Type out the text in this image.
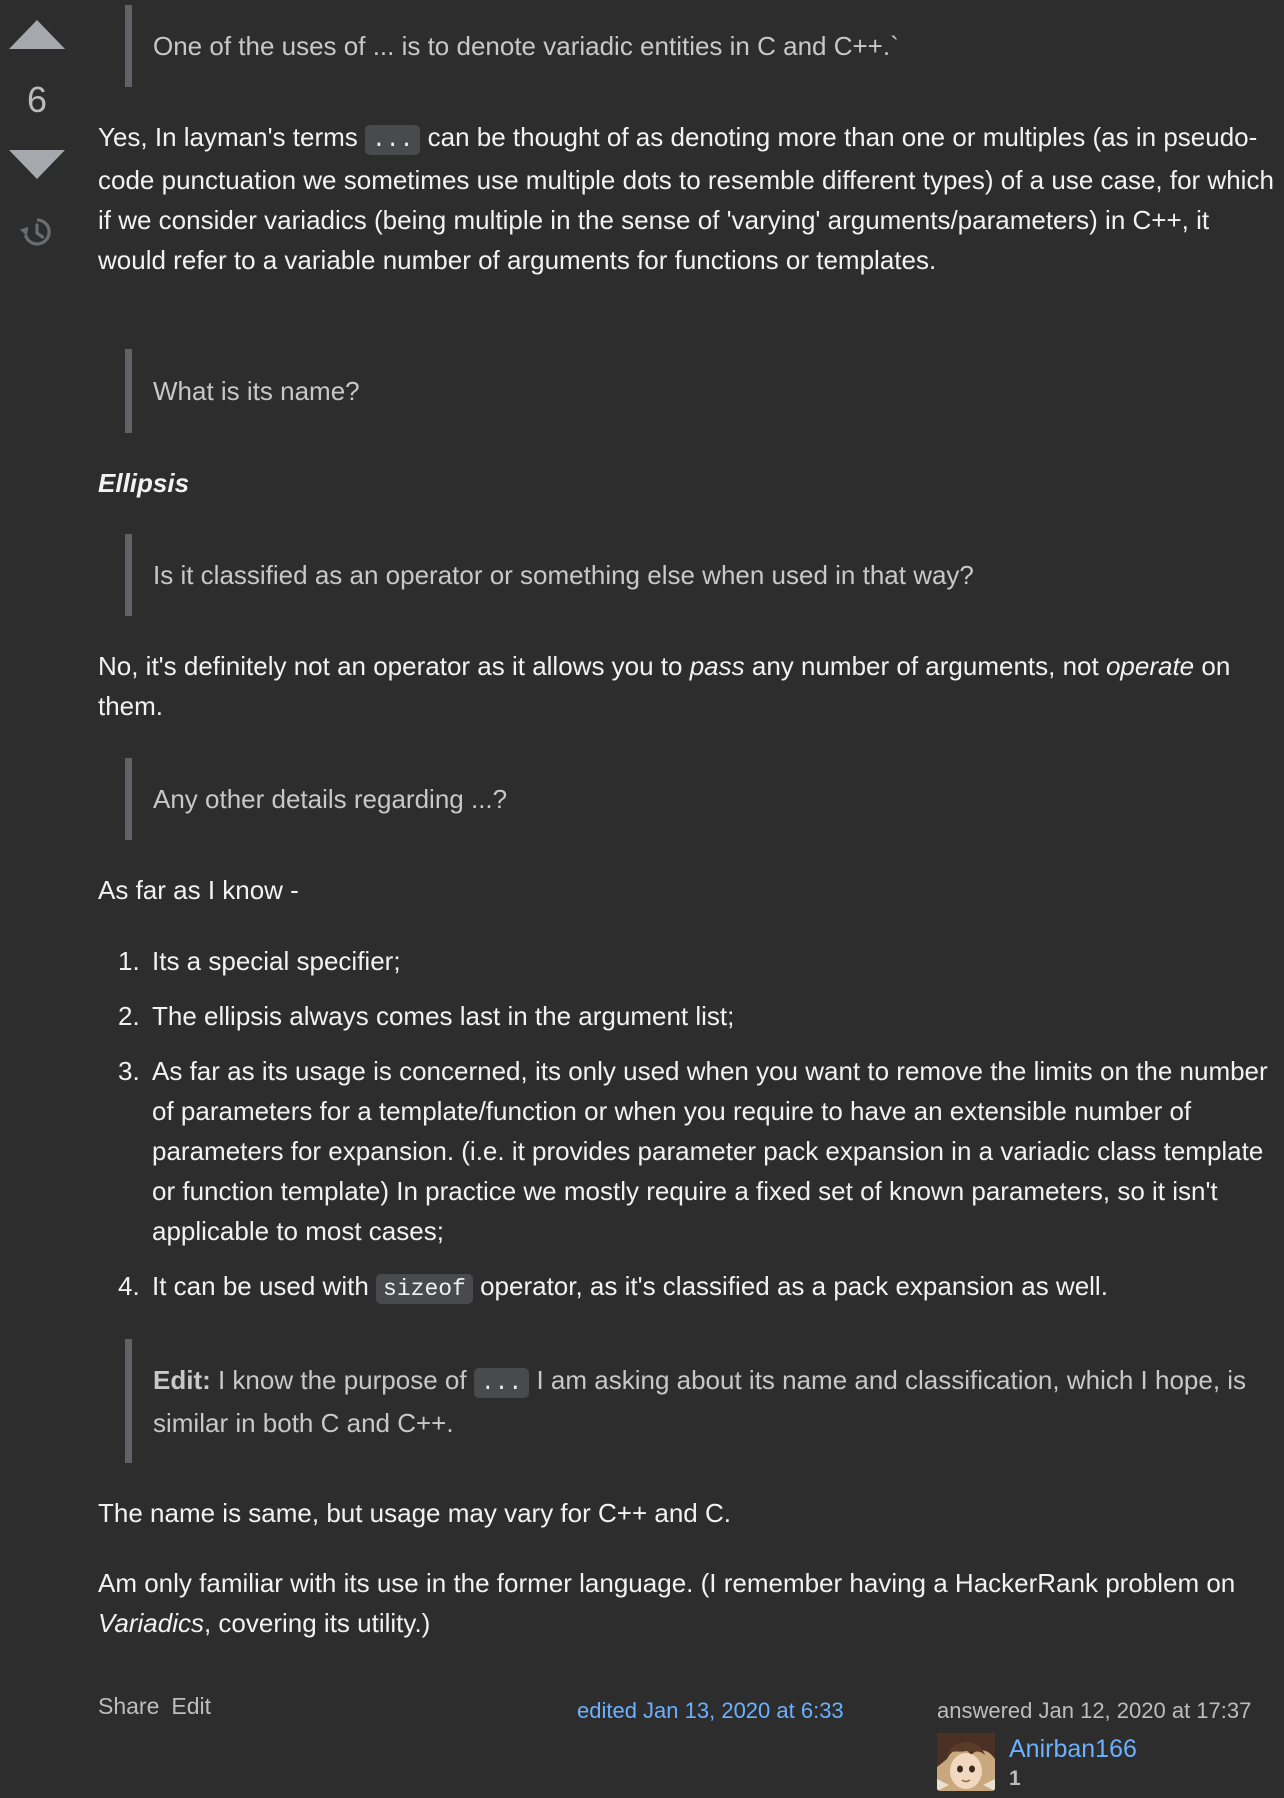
6
One of the uses of ... is to denote variadic entities in C and C++.`

Yes, In layman's terms ... can be thought of as denoting more than one or multiples (as in pseudo-code punctuation we sometimes use multiple dots to resemble different types) of a use case, for which if we consider variadics (being multiple in the sense of 'varying' arguments/parameters) in C++, it would refer to a variable number of arguments for functions or templates.

What is its name?

Ellipsis

Is it classified as an operator or something else when used in that way?

No, it's definitely not an operator as it allows you to pass any number of arguments, not operate on them.

Any other details regarding ...?

As far as I know -

1. Its a special specifier;
2. The ellipsis always comes last in the argument list;
3. As far as its usage is concerned, its only used when you want to remove the limits on the number of parameters for a template/function or when you require to have an extensible number of parameters for expansion. (i.e. it provides parameter pack expansion in a variadic class template or function template) In practice we mostly require a fixed set of known parameters, so it isn't applicable to most cases;
4. It can be used with sizeof operator, as it's classified as a pack expansion as well.
Edit: I know the purpose of ... I am asking about its name and classification, which I hope, is similar in both C and C++.

The name is same, but usage may vary for C++ and C.

Am only familiar with its use in the former language. (I remember having a HackerRank problem on Variadics, covering its utility.)

Share Edit	edited Jan 13, 2020 at 6:33	answered Jan 12, 2020 at 17:37
Anirban166
1
